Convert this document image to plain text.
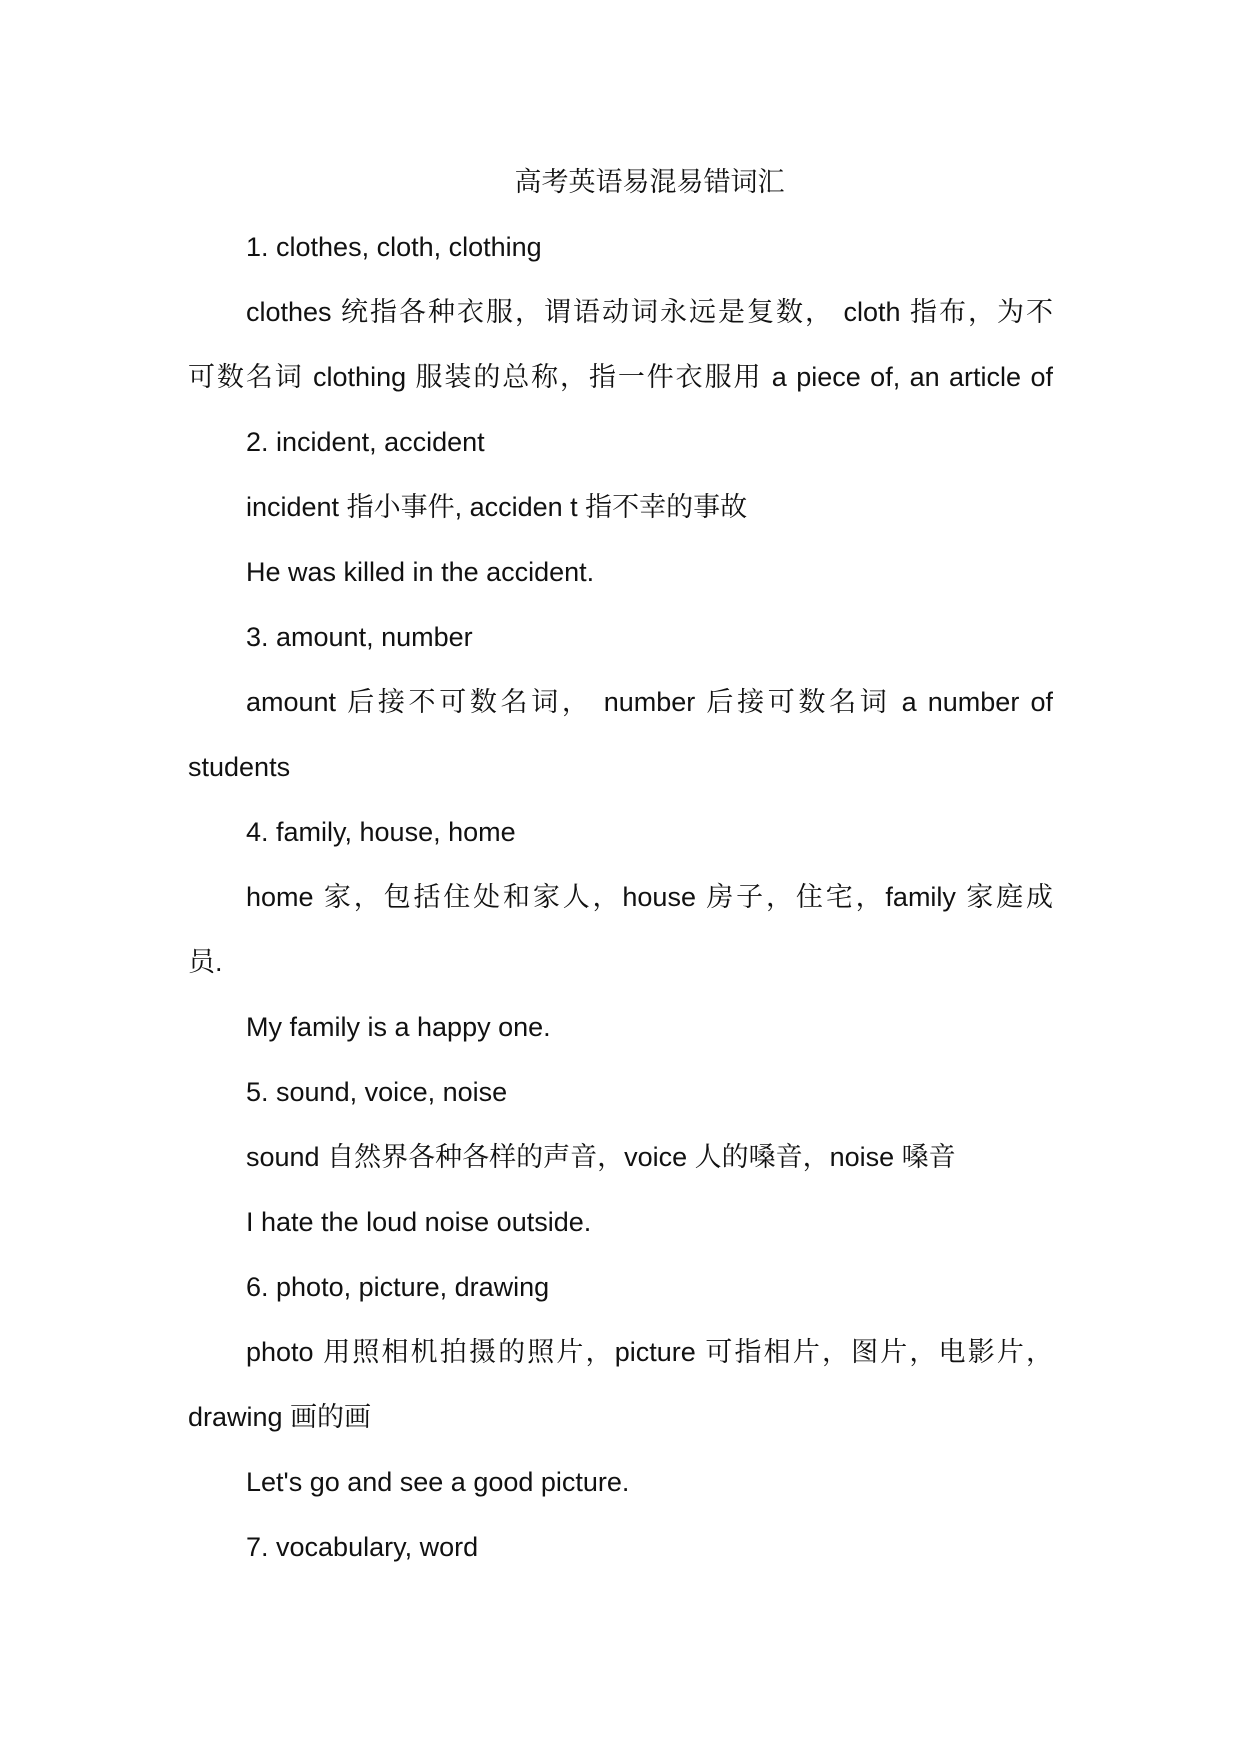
高考英语易混易错词汇
1. clothes, cloth, clothing
clothes 统指各种衣服，谓语动词永远是复数， cloth 指布，为不
可数名词 clothing 服装的总称，指一件衣服用 a piece of, an article of
2. incident, accident
incident 指小事件, acciden t 指不幸的事故
He was killed in the accident.
3. amount, number
amount 后接不可数名词， number 后接可数名词 a number of
students
4. family, house, home
home 家，包括住处和家人，house 房子，住宅，family 家庭成
员.
My family is a happy one.
5. sound, voice, noise
sound 自然界各种各样的声音，voice 人的嗓音，noise 嗓音
I hate the loud noise outside.
6. photo, picture, drawing
photo 用照相机拍摄的照片，picture 可指相片，图片，电影片，
drawing 画的画
Let's go and see a good picture.
7. vocabulary, word
